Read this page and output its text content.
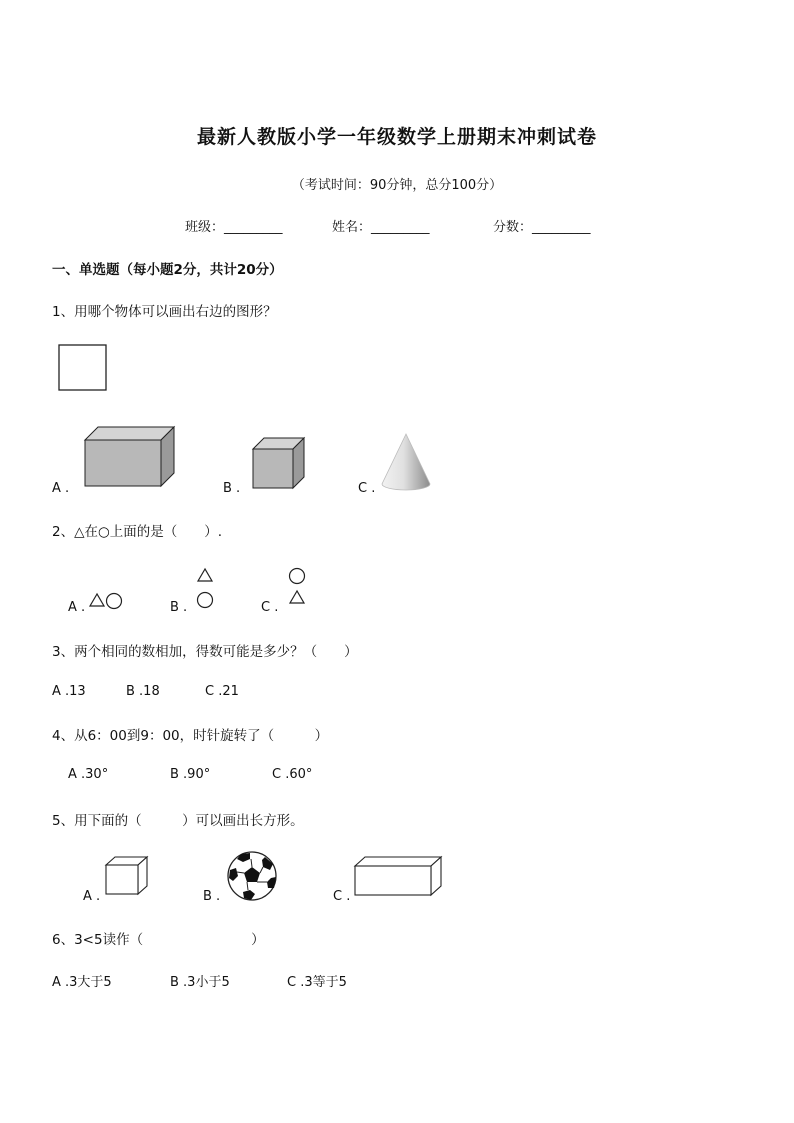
最新人教版小学一年级数学上册期末冲刺试卷
（考试时间：90分钟，总分100分）
班级：_________	姓名：_________	分数：_________
一、单选题（每小题2分，共计20分）
1、用哪个物体可以画出右边的图形？
A .	B .	C .
2、△在○上面的是（　　）.
A .	B .	C .
3、两个相同的数相加，得数可能是多少？（　　）
A .13	B .18	C .21
4、从6：00到9：00，时针旋转了（　　　）
A .30°	B .90°	C .60°
5、用下面的（　　　）可以画出长方形。
A .	B .	C .
6、3<5读作（　　　　　　　　）
A .3大于5	B .3小于5	C .3等于5
